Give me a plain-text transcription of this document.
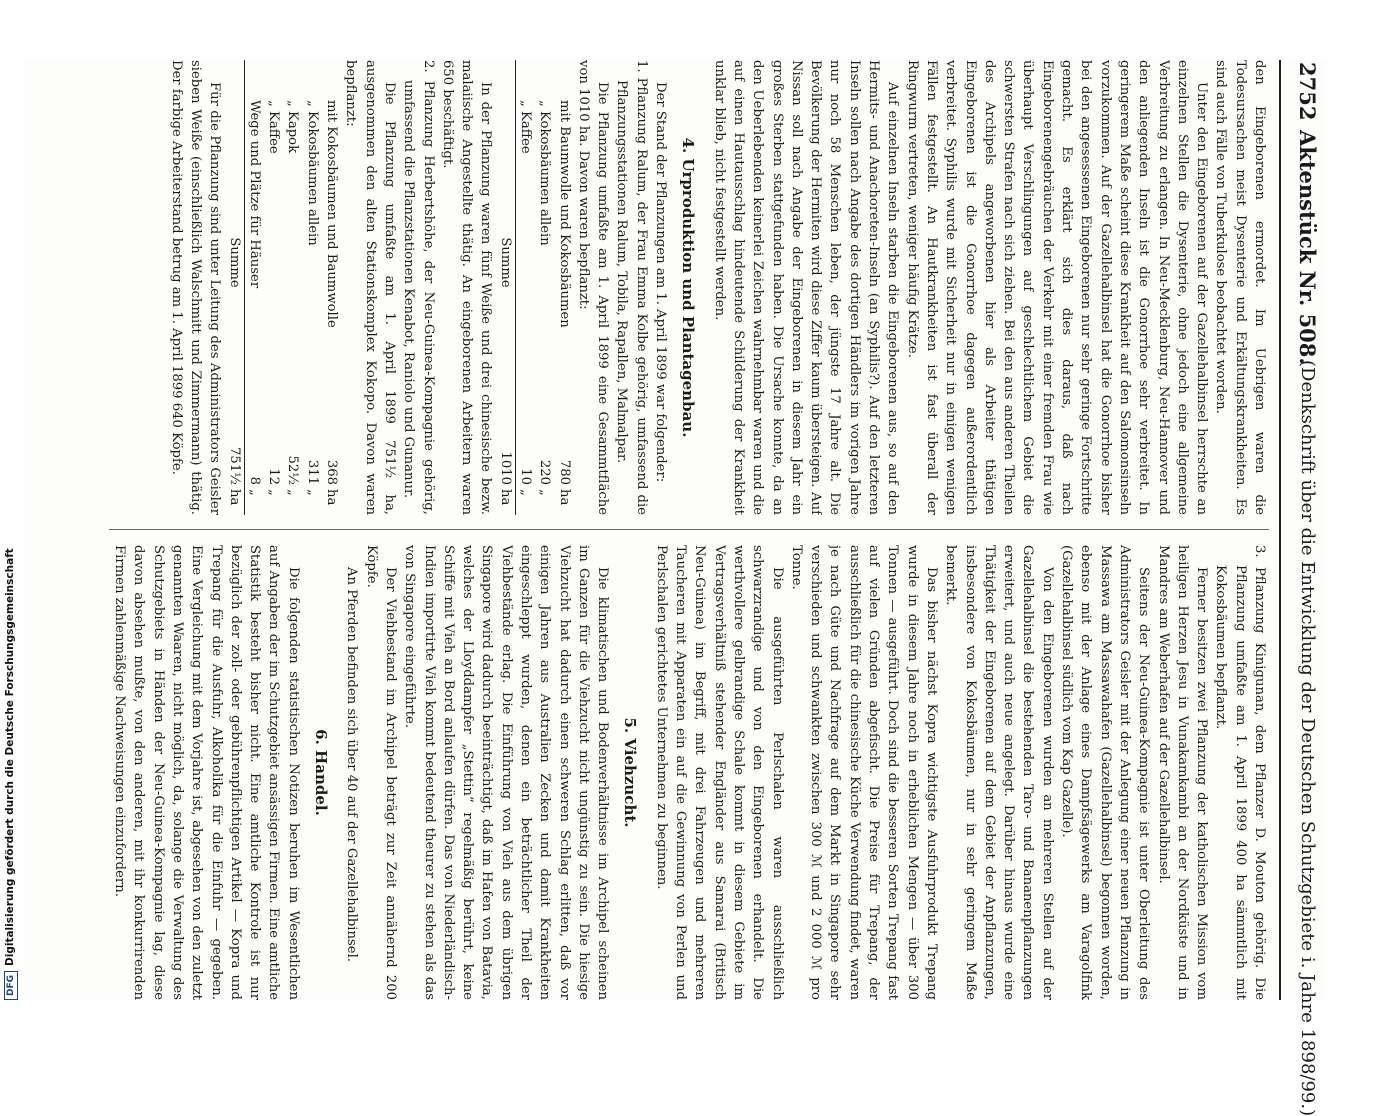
2752
Aktenstück Nr. 508.
(Denkschrift über die Entwicklung der Deutschen Schutzgebiete i. Jahre 1898/99.)

den Eingeborenen ermordet. Im Uebrigen waren die Todesursachen meist Dysenterie und Erkältungskrankheiten. Es sind auch Fälle von Tuberkulose beobachtet worden.

Unter den Eingeborenen auf der Gazellehalbinsel herrschte an einzelnen Stellen die Dysenterie, ohne jedoch eine allgemeine Verbreitung zu erlangen. In Neu-Mecklenburg, Neu-Hannover und den anliegenden Inseln ist die Gonorrhoe sehr verbreitet. In geringerem Maße scheint diese Krankheit auf den Salomonsinseln vorzukommen. Auf der Gazellehalbinsel hat die Gonorrhoe bisher bei den angesessenen Eingeborenen nur sehr geringe Fortschritte gemacht. Es erklärt sich dies daraus, daß nach Eingeborenengebräuchen der Verkehr mit einer fremden Frau wie überhaupt Verschlingungen auf geschlechtlichem Gebiet die schwersten Strafen nach sich ziehen. Bei den aus anderen Theilen des Archipels angeworbenen hier als Arbeiter thätigen Eingeborenen ist die Gonorrhoe dagegen außerordentlich verbreitet. Syphilis wurde mit Sicherheit nur in einigen wenigen Fällen festgestellt. An Hautkrankheiten ist fast überall der Ringwurm vertreten, weniger häufig Krätze.

Auf einzelnen Inseln starben die Eingeborenen aus, so auf den Hermits- und Anachoreten-Inseln (an Syphilis?). Auf den letzteren Inseln sollen nach Angabe des dortigen Händlers im vorigen Jahre nur noch 58 Menschen leben, der jüngste 17 Jahre alt. Die Bevölkerung der Hermiten wird diese Ziffer kaum übersteigen. Auf Nissan soll nach Angabe der Eingeborenen in diesem Jahr ein großes Sterben stattgefunden haben. Die Ursache konnte, da an den Ueberlebenden keinerlei Zeichen wahrnehmbar waren und die auf einen Hautausschlag hindeutende Schilderung der Krankheit unklar blieb, nicht festgestellt werden.

4. Urproduktion und Plantagenbau.

Der Stand der Pflanzungen am 1. April 1899 war folgender:

1. Pflanzung Ralum, der Frau Emma Kolbe gehörig, umfassend die Pflanzungsstationen Ralum, Tobila, Rapallen, Malmalpar.

Die Pflanzung umfaßte am 1. April 1899 eine Gesammtfläche von 1010 ha. Davon waren bepflanzt:

mit Baumwolle und Kokosbäumen	780	ha
„ Kokosbäumen allein	220	„
„ Kaffee	10	„
Summe	1010	ha

In der Pflanzung waren fünf Weiße und drei chinesische bezw. malaiische Angestellte thätig. An eingeborenen Arbeitern waren 650 beschäftigt.

2. Pflanzung Herbertshöhe, der Neu-Guinea-Kompagnie gehörig, umfassend die Pflanzstationen Kenabot, Raniolo und Gunanur.

Die Pflanzung umfaßte am 1. April 1899 751½ ha, ausgenommen den alten Stationskomplex Kokopo. Davon waren bepflanzt:

mit Kokosbäumen und Baumwolle	368	ha
„ Kokosbäumen allein	311	„
„ Kapok	52½	„
„ Kaffee	12	„
Wege und Plätze für Häuser	8	„
Summe	751½	ha

Für die Pflanzung sind unter Leitung des Administrators Geisler sieben Weiße (einschließlich Walschmitt und Zimmermann) thätig. Der farbige Arbeiterstand betrug am 1. April 1899 640 Köpfe.

3. Pflanzung Kinigunan, dem Pflanzer D. Mouton gehörig. Die Pflanzung umfaßte am 1. April 1899 400 ha sämmtlich mit Kokosbäumen bepflanzt.

Ferner besitzen zwei Pflanzung der katholischen Mission vom heiligen Herzen Jesu in Vunakamkambi an der Nordküste und in Mandres am Weberhafen auf der Gazellehalbinsel.

Seitens der Neu-Guinea-Kompagnie ist unter Oberleitung des Administrators Geisler mit der Anlegung einer neuen Pflanzung in Massawa am Massawahafen (Gazellehalbinsel) begonnen worden, ebenso mit der Anlage eines Dampfsägewerks am Varagolfink (Gazellehalbinsel südlich vom Kap Gazelle).

Von den Eingeborenen wurden an mehreren Stellen auf der Gazellehalbinsel die bestehenden Taro- und Bananenpflanzungen erweitert, und auch neue angelegt. Darüber hinaus wurde eine Thätigkeit der Eingeborenen auf dem Gebiet der Anpflanzungen, insbesondere von Kokosbäumen, nur in sehr geringem Maße bemerkt.

Das bisher nächst Kopra wichtigste Ausfuhrprodukt Trepang wurde in diesem Jahre noch in erheblichen Mengen — über 300 Tonnen — ausgeführt. Doch sind die besseren Sorten Trepang fast auf vielen Gründen abgefischt. Die Preise für Trepang, der ausschließlich für die chinesische Küche Verwendung findet, waren je nach Güte und Nachfrage auf dem Markt in Singapore sehr verschieden und schwankten zwischen 300 ℳ und 2 000 ℳ pro Tonne.

Die ausgeführten Perlschalen waren ausschließlich schwarzrandige und von den Eingeborenen erhandelt. Die werthvollere gelbrandige Schale kommt in diesem Gebiete im Vertragsverhältniß stehender Engländer aus Samarai (Britisch Neu-Guinea) im Begriff, mit drei Fahrzeugen und mehreren Taucheren mit Apparaten ein auf die Gewinnung von Perlen und Perlschalen gerichtetes Unternehmen zu beginnen.

5. Viehzucht.

Die klimatischen und Bodenverhältnisse im Archipel scheinen im Ganzen für die Viehzucht nicht ungünstig zu sein. Die hiesige Viehzucht hat dadurch einen schweren Schlag erlitten, daß vor einigen Jahren aus Australien Zecken und damit Krankheiten eingeschleppt wurden, denen ein beträchtlicher Theil der Viehbestände erlag. Die Einführung von Vieh aus dem übrigen Singapore wird dadurch beeinträchtigt, daß im Hafen von Batavia, welches der Lloyddampfer „Stettin“ regelmäßig berührt, keine Schiffe mit Vieh an Bord anlaufen dürfen. Das von Niederländisch-Indien importirte Vieh kommt bedeutend theurer zu stehen als das von Singapore eingeführte.

Der Viehbestand im Archipel beträgt zur Zeit annähernd 200 Köpfe.

An Pferden befinden sich über 40 auf der Gazellehalbinsel.

6. Handel.

Die folgenden statistischen Notizen beruhen im Wesentlichen auf Angaben der im Schutzgebiet ansässigen Firmen. Eine amtliche Statistik besteht bisher nicht. Eine amtliche Kontrole ist nur bezüglich der zoll- oder gebührenpflichtigen Artikel — Kopra und Trepang für die Ausfuhr, Alkoholika für die Einfuhr — gegeben. Eine Vergleichung mit dem Vorjahre ist, abgesehen von den zuletzt genannten Waaren, nicht möglich, da, solange die Verwaltung des Schutzgebiets in Händen der Neu-Guinea-Kompagnie lag, diese davon absehen mußte, von den anderen, mit ihr konkurrirenden Firmen zahlenmäßige Nachweisungen einzufordern.

DFGDigitalisierung gefördert durch die Deutsche Forschungsgemeinschaft
